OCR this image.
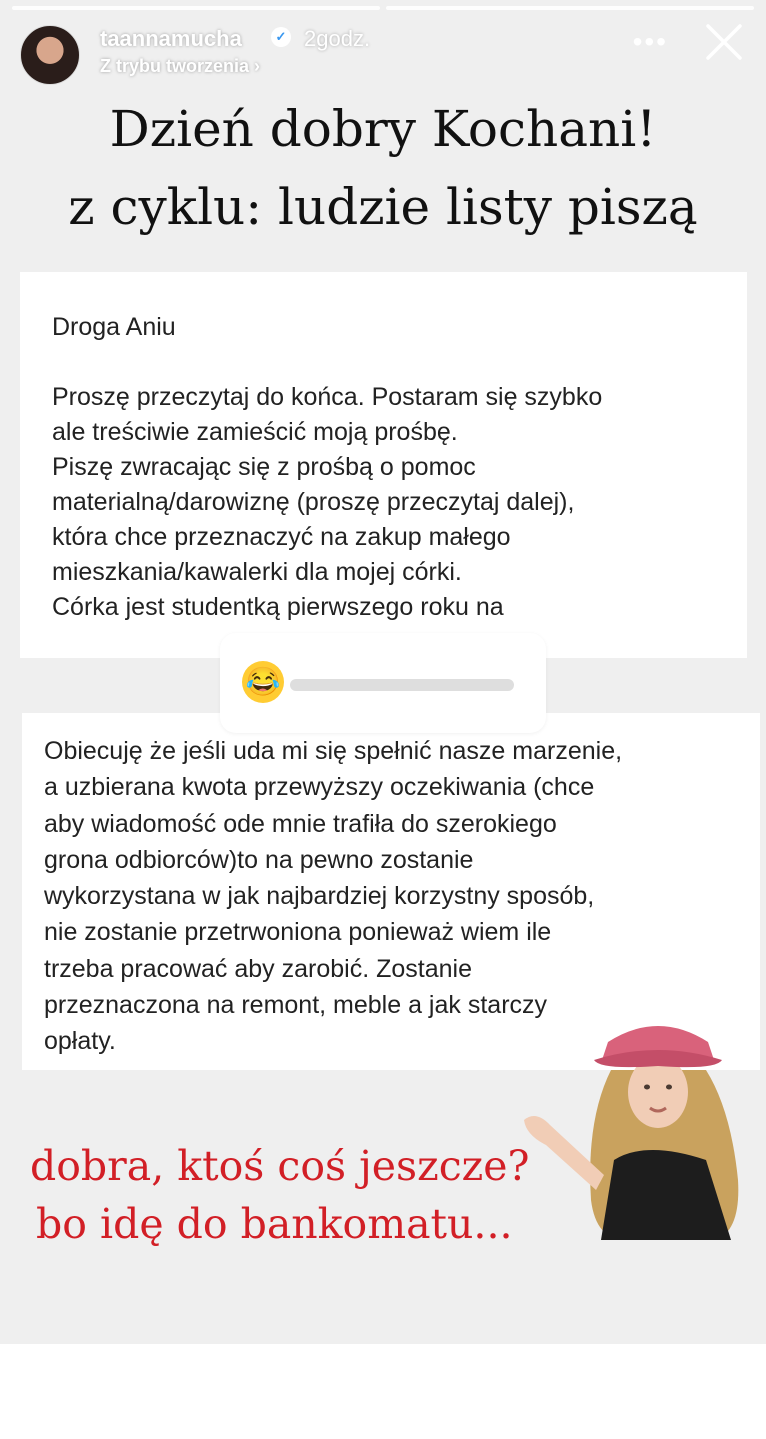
taannamucha	✓ 2godz.
Z trybu tworzenia ›
•••
Dzień dobry Kochani!
z cyklu: ludzie listy piszą

Droga Aniu

Proszę przeczytaj do końca. Postaram się szybko
ale treściwie zamieścić moją prośbę.
Piszę zwracając się z prośbą o pomoc
materialną/darowiznę (proszę przeczytaj dalej),
która chce przeznaczyć na zakup małego
mieszkania/kawalerki dla mojej córki.
Córka jest studentką pierwszego roku na

Obiecuję że jeśli uda mi się spełnić nasze marzenie,
a uzbierana kwota przewyższy oczekiwania (chce
aby wiadomość ode mnie trafiła do szerokiego
grona odbiorców)to na pewno zostanie
wykorzystana w jak najbardziej korzystny sposób,
nie zostanie przetrwoniona ponieważ wiem ile
trzeba pracować aby zarobić. Zostanie
przeznaczona na remont, meble a jak starczy
opłaty.

😂
dobra, ktoś coś jeszcze?
bo idę do bankomatu...
